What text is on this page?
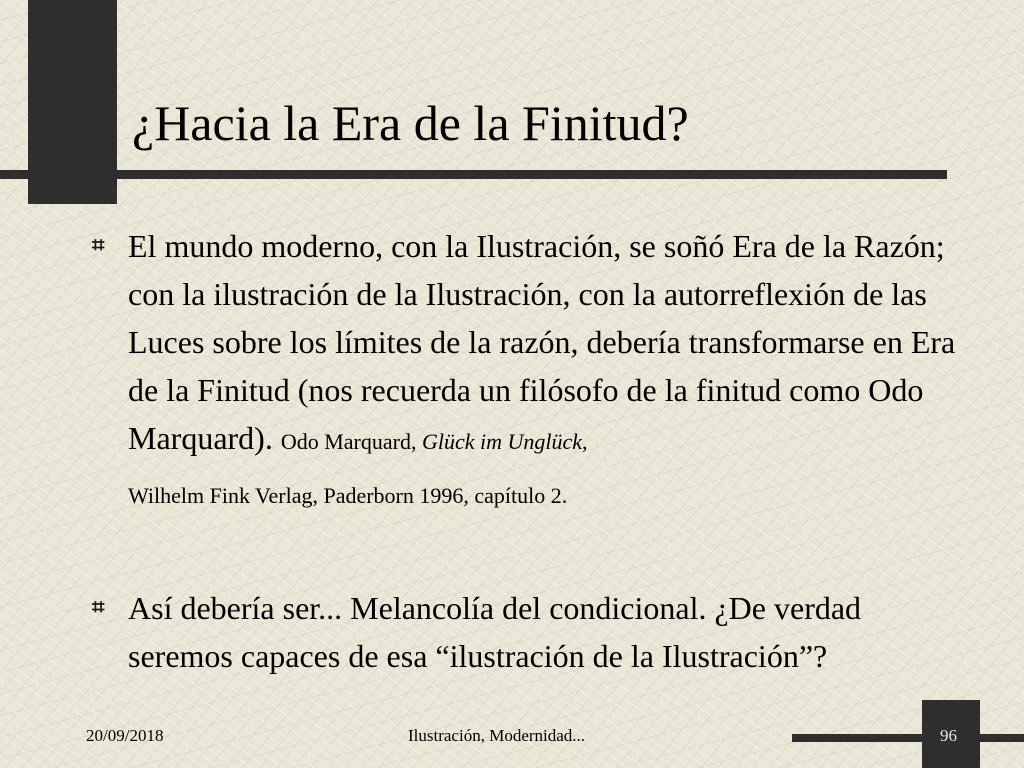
¿Hacia la Era de la Finitud?

⌗ El mundo moderno, con la Ilustración, se soñó Era de la Razón; con la ilustración de la Ilustración, con la autorreflexión de las Luces sobre los límites de la razón, debería transformarse en Era de la Finitud (nos recuerda un filósofo de la finitud como Odo Marquard). Odo Marquard, Glück im Unglück,
Wilhelm Fink Verlag, Paderborn 1996, capítulo 2.

⌗ Así debería ser... Melancolía del condicional. ¿De verdad seremos capaces de esa “ilustración de la Ilustración”?

20/09/2018	Ilustración, Modernidad...	96
